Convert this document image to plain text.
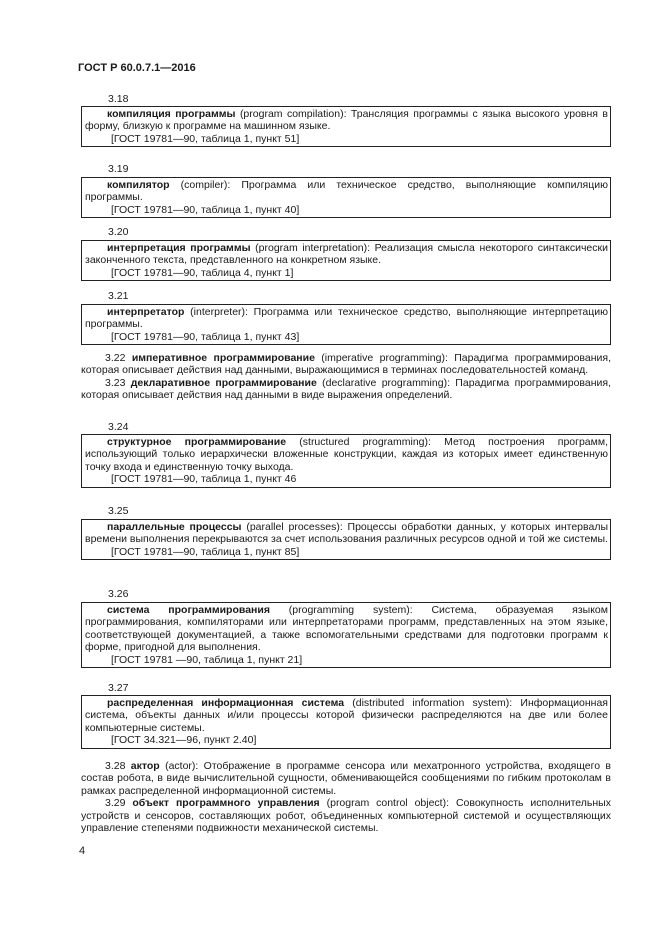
ГОСТ Р 60.0.7.1—2016
3.18

компиляция программы (program compilation): Трансляция программы с языка высокого уровня в форму, близкую к программе на машинном языке.

[ГОСТ 19781—90, таблица 1, пункт 51]

3.19

компилятор (compiler): Программа или техническое средство, выполняющие компиляцию программы.

[ГОСТ 19781—90, таблица 1, пункт 40]

3.20

интерпретация программы (program interpretation): Реализация смысла некоторого синтаксически законченного текста, представленного на конкретном языке.

[ГОСТ 19781—90, таблица 4, пункт 1]

3.21

интерпретатор (interpreter): Программа или техническое средство, выполняющие интерпретацию программы.

[ГОСТ 19781—90, таблица 1, пункт 43]

3.22 императивное программирование (imperative programming): Парадигма программирования, которая описывает действия над данными, выражающимися в терминах последовательностей команд.

3.23 декларативное программирование (declarative programming): Парадигма программирования, которая описывает действия над данными в виде выражения определений.

3.24

структурное программирование (structured programming): Метод построения программ, использующий только иерархически вложенные конструкции, каждая из которых имеет единственную точку входа и единственную точку выхода.

[ГОСТ 19781—90, таблица 1, пункт 46

3.25

параллельные процессы (parallel processes): Процессы обработки данных, у которых интервалы времени выполнения перекрываются за счет использования различных ресурсов одной и той же системы.

[ГОСТ 19781—90, таблица 1, пункт 85]

3.26

система программирования (programming system): Система, образуемая языком программирования, компиляторами или интерпретаторами программ, представленных на этом языке, соответствующей документацией, а также вспомогательными средствами для подготовки программ к форме, пригодной для выполнения.

[ГОСТ 19781 —90, таблица 1, пункт 21]

3.27

распределенная информационная система (distributed information system): Информационная система, объекты данных и/или процессы которой физически распределяются на две или более компьютерные системы.

[ГОСТ 34.321—96, пункт 2.40]

3.28 актор (actor): Отображение в программе сенсора или мехатронного устройства, входящего в состав робота, в виде вычислительной сущности, обменивающейся сообщениями по гибким протоколам в рамках распределенной информационной системы.

3.29 объект программного управления (program control object): Совокупность исполнительных устройств и сенсоров, составляющих робот, объединенных компьютерной системой и осуществляющих управление степенями подвижности механической системы.

4
